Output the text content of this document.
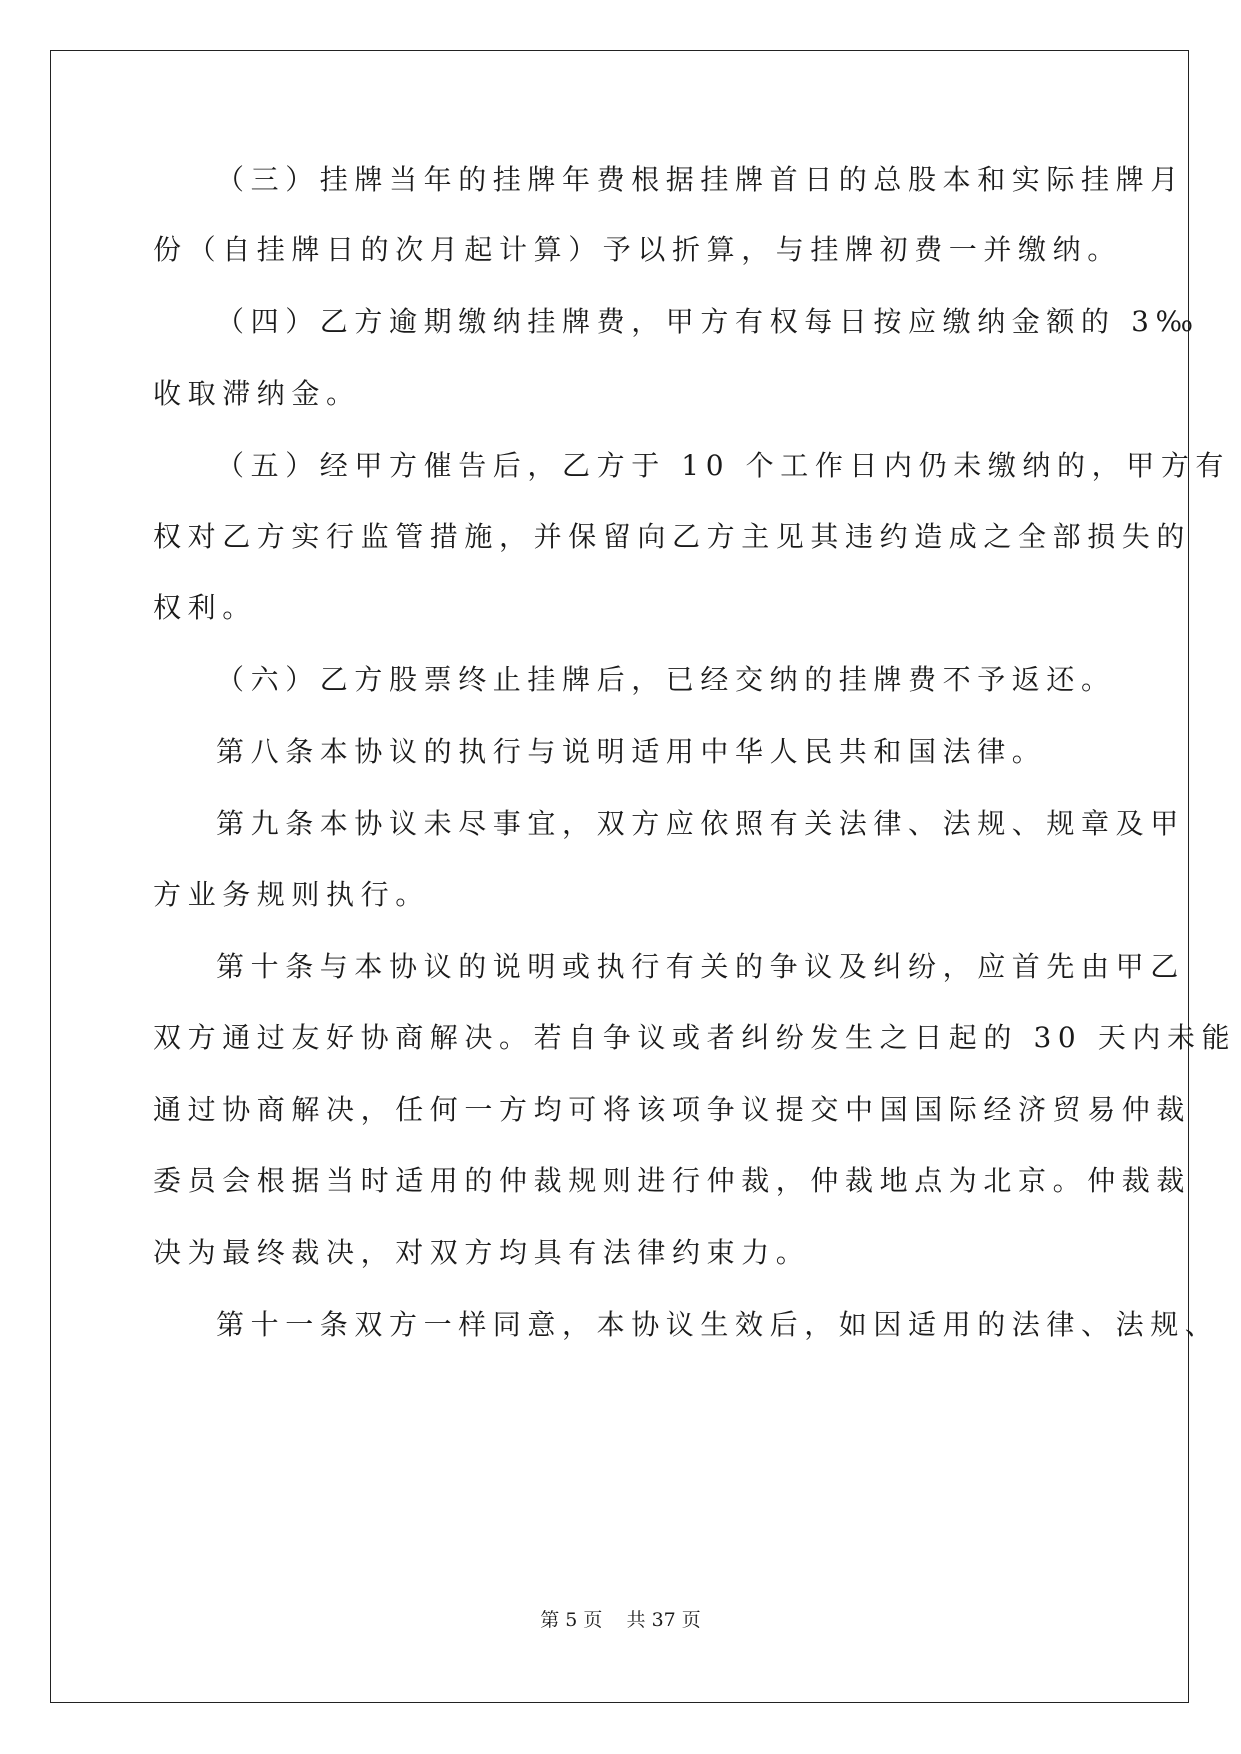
（三）挂牌当年的挂牌年费根据挂牌首日的总股本和实际挂牌月
份（自挂牌日的次月起计算）予以折算，与挂牌初费一并缴纳。
（四）乙方逾期缴纳挂牌费，甲方有权每日按应缴纳金额的 3‰
收取滞纳金。
（五）经甲方催告后，乙方于 10 个工作日内仍未缴纳的，甲方有
权对乙方实行监管措施，并保留向乙方主见其违约造成之全部损失的
权利。
（六）乙方股票终止挂牌后，已经交纳的挂牌费不予返还。
第八条本协议的执行与说明适用中华人民共和国法律。
第九条本协议未尽事宜，双方应依照有关法律、法规、规章及甲
方业务规则执行。
第十条与本协议的说明或执行有关的争议及纠纷，应首先由甲乙
双方通过友好协商解决。若自争议或者纠纷发生之日起的 30 天内未能
通过协商解决，任何一方均可将该项争议提交中国国际经济贸易仲裁
委员会根据当时适用的仲裁规则进行仲裁，仲裁地点为北京。仲裁裁
决为最终裁决，对双方均具有法律约束力。
第十一条双方一样同意，本协议生效后，如因适用的法律、法规、
第 5 页    共 37 页
